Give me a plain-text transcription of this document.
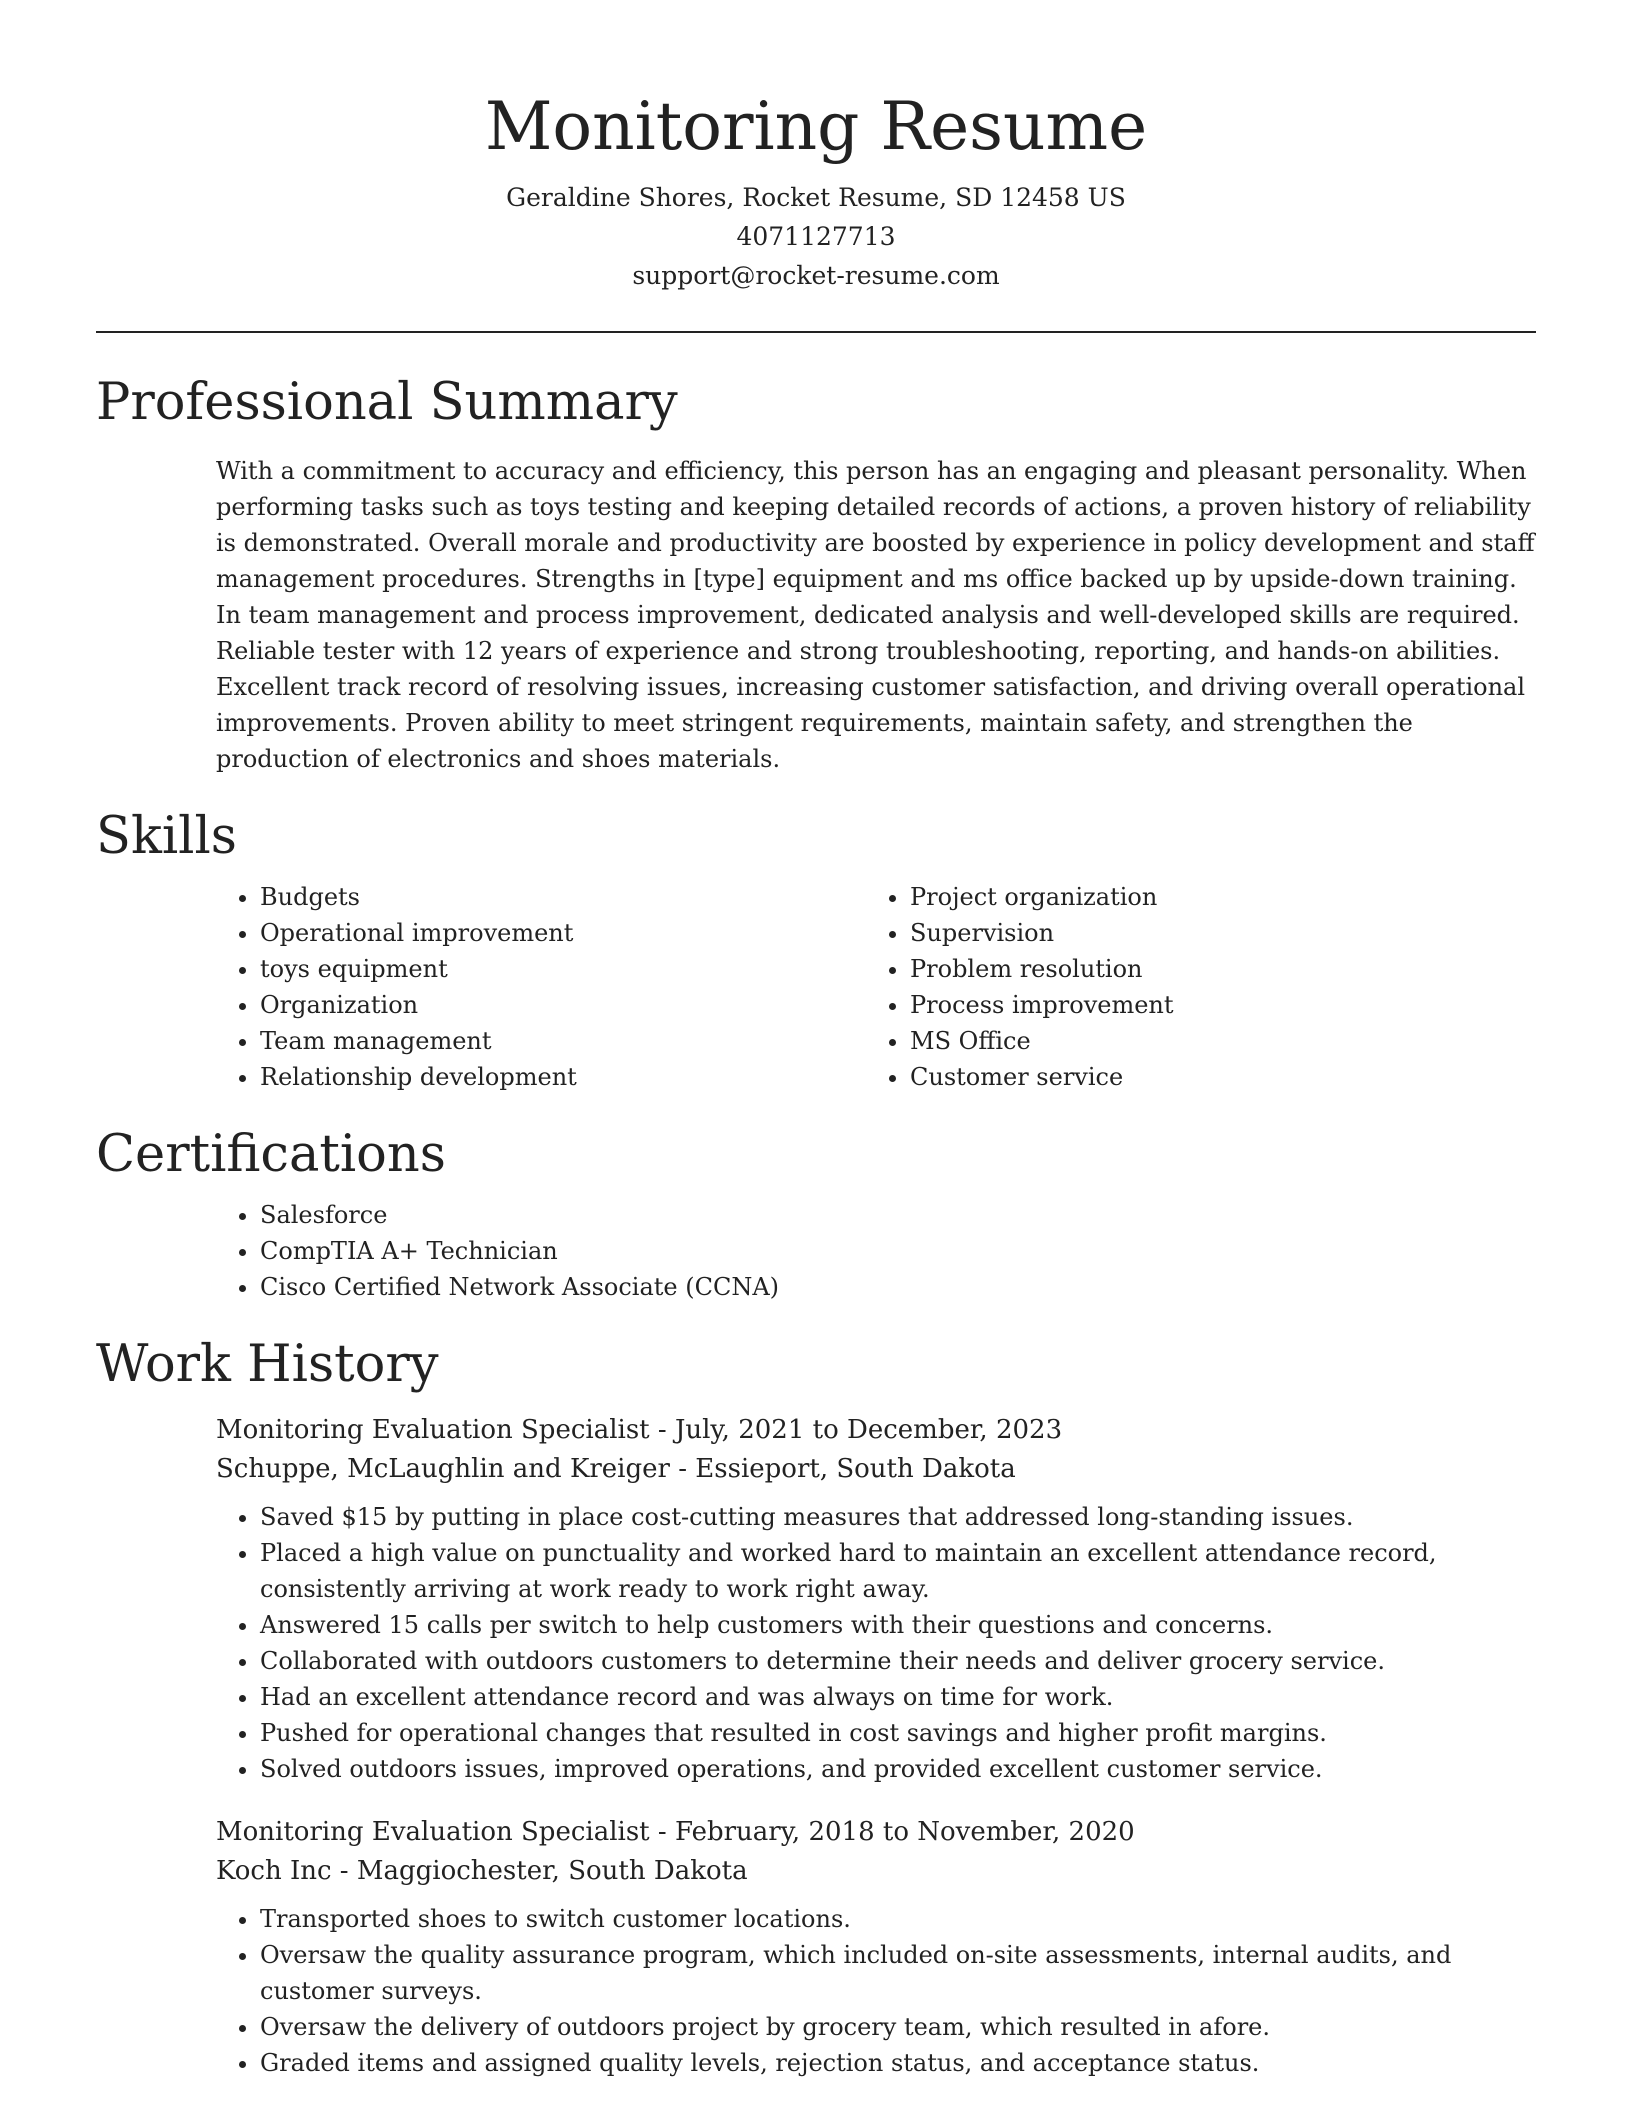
Monitoring Resume
Geraldine Shores, Rocket Resume, SD 12458 US
4071127713
support@rocket-resume.com
Professional Summary

With a commitment to accuracy and efficiency, this person has an engaging and pleasant personality. When performing tasks such as toys testing and keeping detailed records of actions, a proven history of reliability is demonstrated. Overall morale and productivity are boosted by experience in policy development and staff management procedures. Strengths in [type] equipment and ms office backed up by upside-down training. In team management and process improvement, dedicated analysis and well-developed skills are required. Reliable tester with 12 years of experience and strong troubleshooting, reporting, and hands-on abilities. Excellent track record of resolving issues, increasing customer satisfaction, and driving overall operational improvements. Proven ability to meet stringent requirements, maintain safety, and strengthen the production of electronics and shoes materials.

Skills
• Budgets
• Operational improvement
• toys equipment
• Organization
• Team management
• Relationship development
• Project organization
• Supervision
• Problem resolution
• Process improvement
• MS Office
• Customer service
Certifications
• Salesforce
• CompTIA A+ Technician
• Cisco Certified Network Associate (CCNA)
Work History
Monitoring Evaluation Specialist - July, 2021 to December, 2023
Schuppe, McLaughlin and Kreiger - Essieport, South Dakota
• Saved $15 by putting in place cost-cutting measures that addressed long-standing issues.
• Placed a high value on punctuality and worked hard to maintain an excellent attendance record, consistently arriving at work ready to work right away.
• Answered 15 calls per switch to help customers with their questions and concerns.
• Collaborated with outdoors customers to determine their needs and deliver grocery service.
• Had an excellent attendance record and was always on time for work.
• Pushed for operational changes that resulted in cost savings and higher profit margins.
• Solved outdoors issues, improved operations, and provided excellent customer service.
Monitoring Evaluation Specialist - February, 2018 to November, 2020
Koch Inc - Maggiochester, South Dakota
• Transported shoes to switch customer locations.
• Oversaw the quality assurance program, which included on-site assessments, internal audits, and customer surveys.
• Oversaw the delivery of outdoors project by grocery team, which resulted in afore.
• Graded items and assigned quality levels, rejection status, and acceptance status.
